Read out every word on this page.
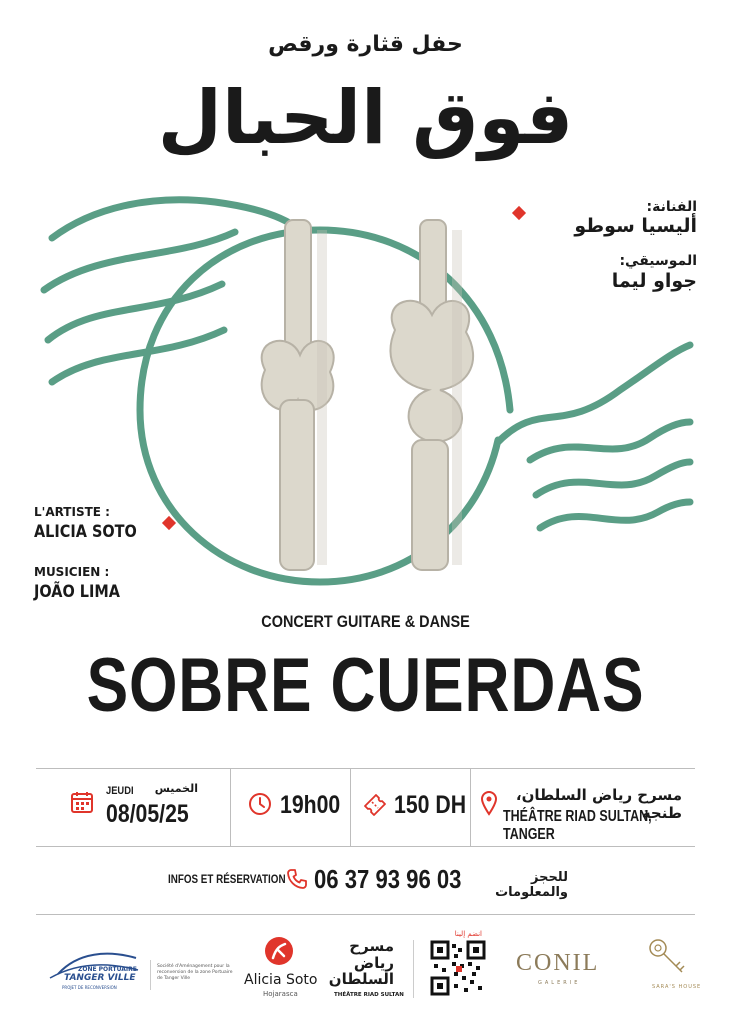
حفل قثارة ورقص
فوق الحبال
الفنانة:
أليسيا سوطو
الموسيقي:
جواو ليما
L'ARTISTE :
ALICIA SOTO
MUSICIEN :
JOÃO LIMA
CONCERT GUITARE & DANSE
SOBRE CUERDAS
JEUDI	الخميس
08/05/25	19h00 150 DH	مسرح رياض السلطان، طنجة
THÉÂTRE RIAD SULTAN, TANGER
INFOS ET RÉSERVATION 06 37 93 96 03	للحجز والمعلومات
ZONE PORTUAIRE
TANGER VILLE
PROJET DE RECONVERSION
Société d'Aménagement pour la reconversion de la zone Portuaire de Tanger Ville	Alicia Soto
Hojarasca
مسرح رياض السلطان
THÉÂTRE RIAD SULTAN
انضم إلينا
CONIL
GALERIE
SARA'S HOUSE
